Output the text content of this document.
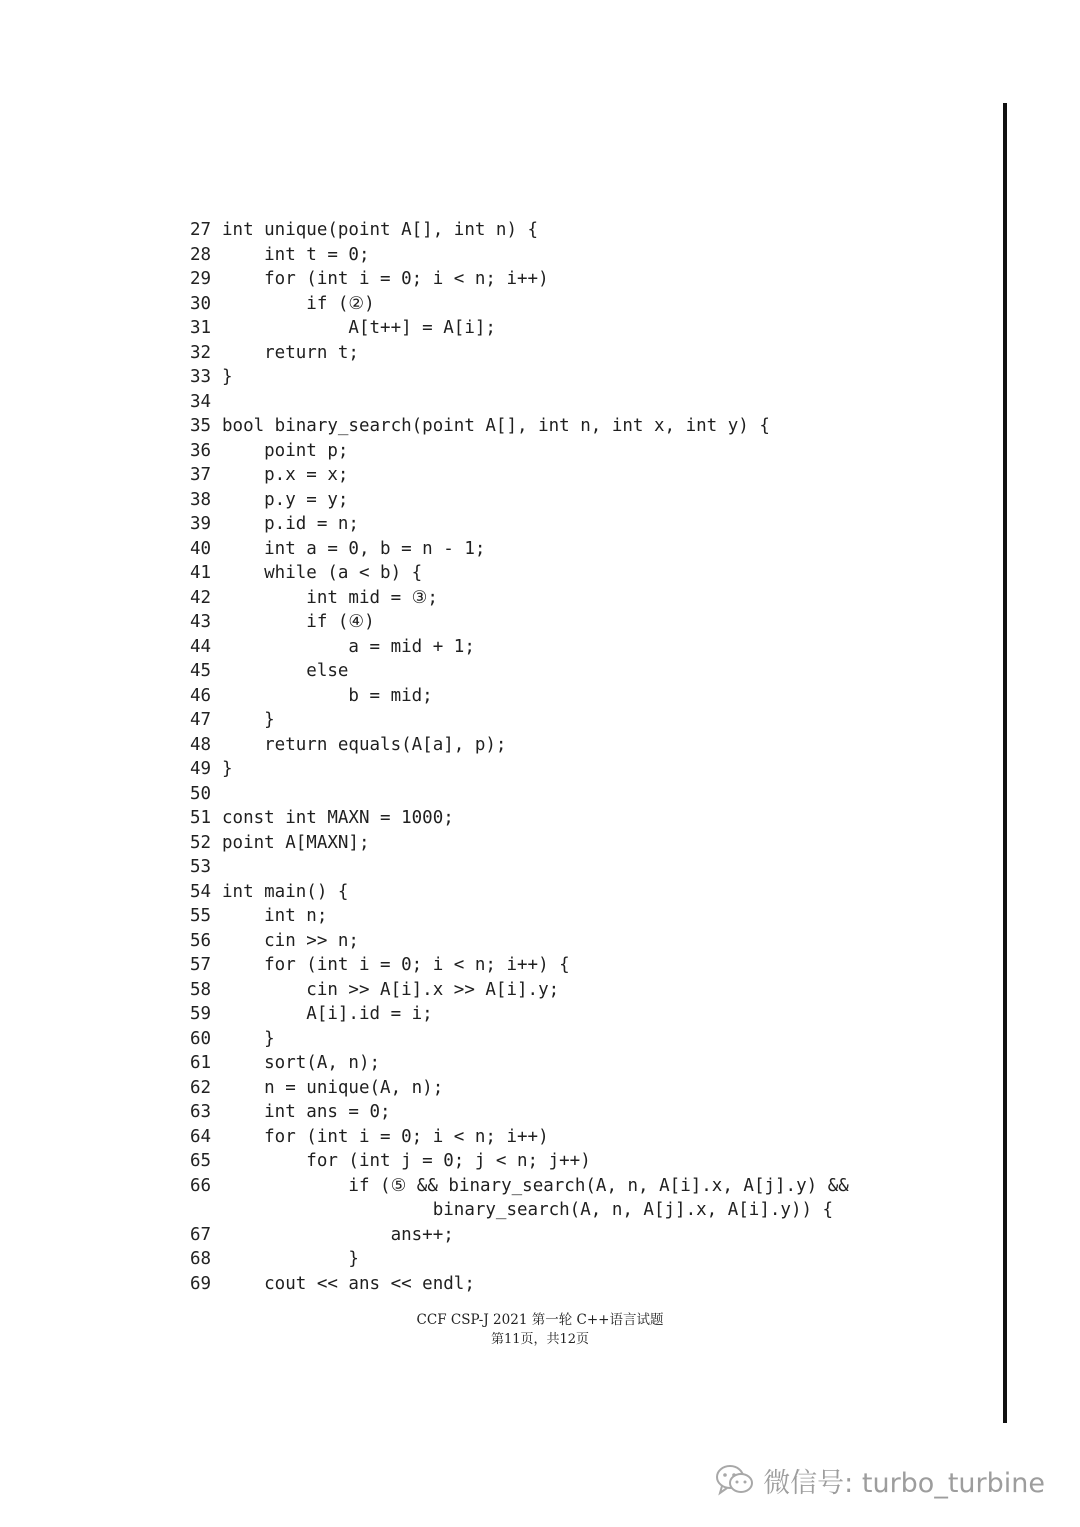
27 int unique(point A[], int n) {
28 int t = 0;
29 for (int i = 0; i < n; i++)
30 if (②)
31 A[t++] = A[i];
32 return t;
33 }
34
35 bool binary_search(point A[], int n, int x, int y) {
36 point p;
37 p.x = x;
38 p.y = y;
39 p.id = n;
40 int a = 0, b = n - 1;
41 while (a < b) {
42 int mid = ③;
43 if (④)
44 a = mid + 1;
45 else
46 b = mid;
47 }
48 return equals(A[a], p);
49 }
50
51 const int MAXN = 1000;
52 point A[MAXN];
53
54 int main() {
55 int n;
56 cin >> n;
57 for (int i = 0; i < n; i++) {
58 cin >> A[i].x >> A[i].y;
59 A[i].id = i;
60 }
61 sort(A, n);
62 n = unique(A, n);
63 int ans = 0;
64 for (int i = 0; i < n; i++)
65 for (int j = 0; j < n; j++)
66 if (⑤ && binary_search(A, n, A[i].x, A[j].y) &&
binary_search(A, n, A[j].x, A[i].y)) {
67 ans++;
68 }
69 cout << ans << endl;
CCF CSP-J 2021 第一轮 C++语言试题
第11页，共12页
微信号: turbo_turbine
